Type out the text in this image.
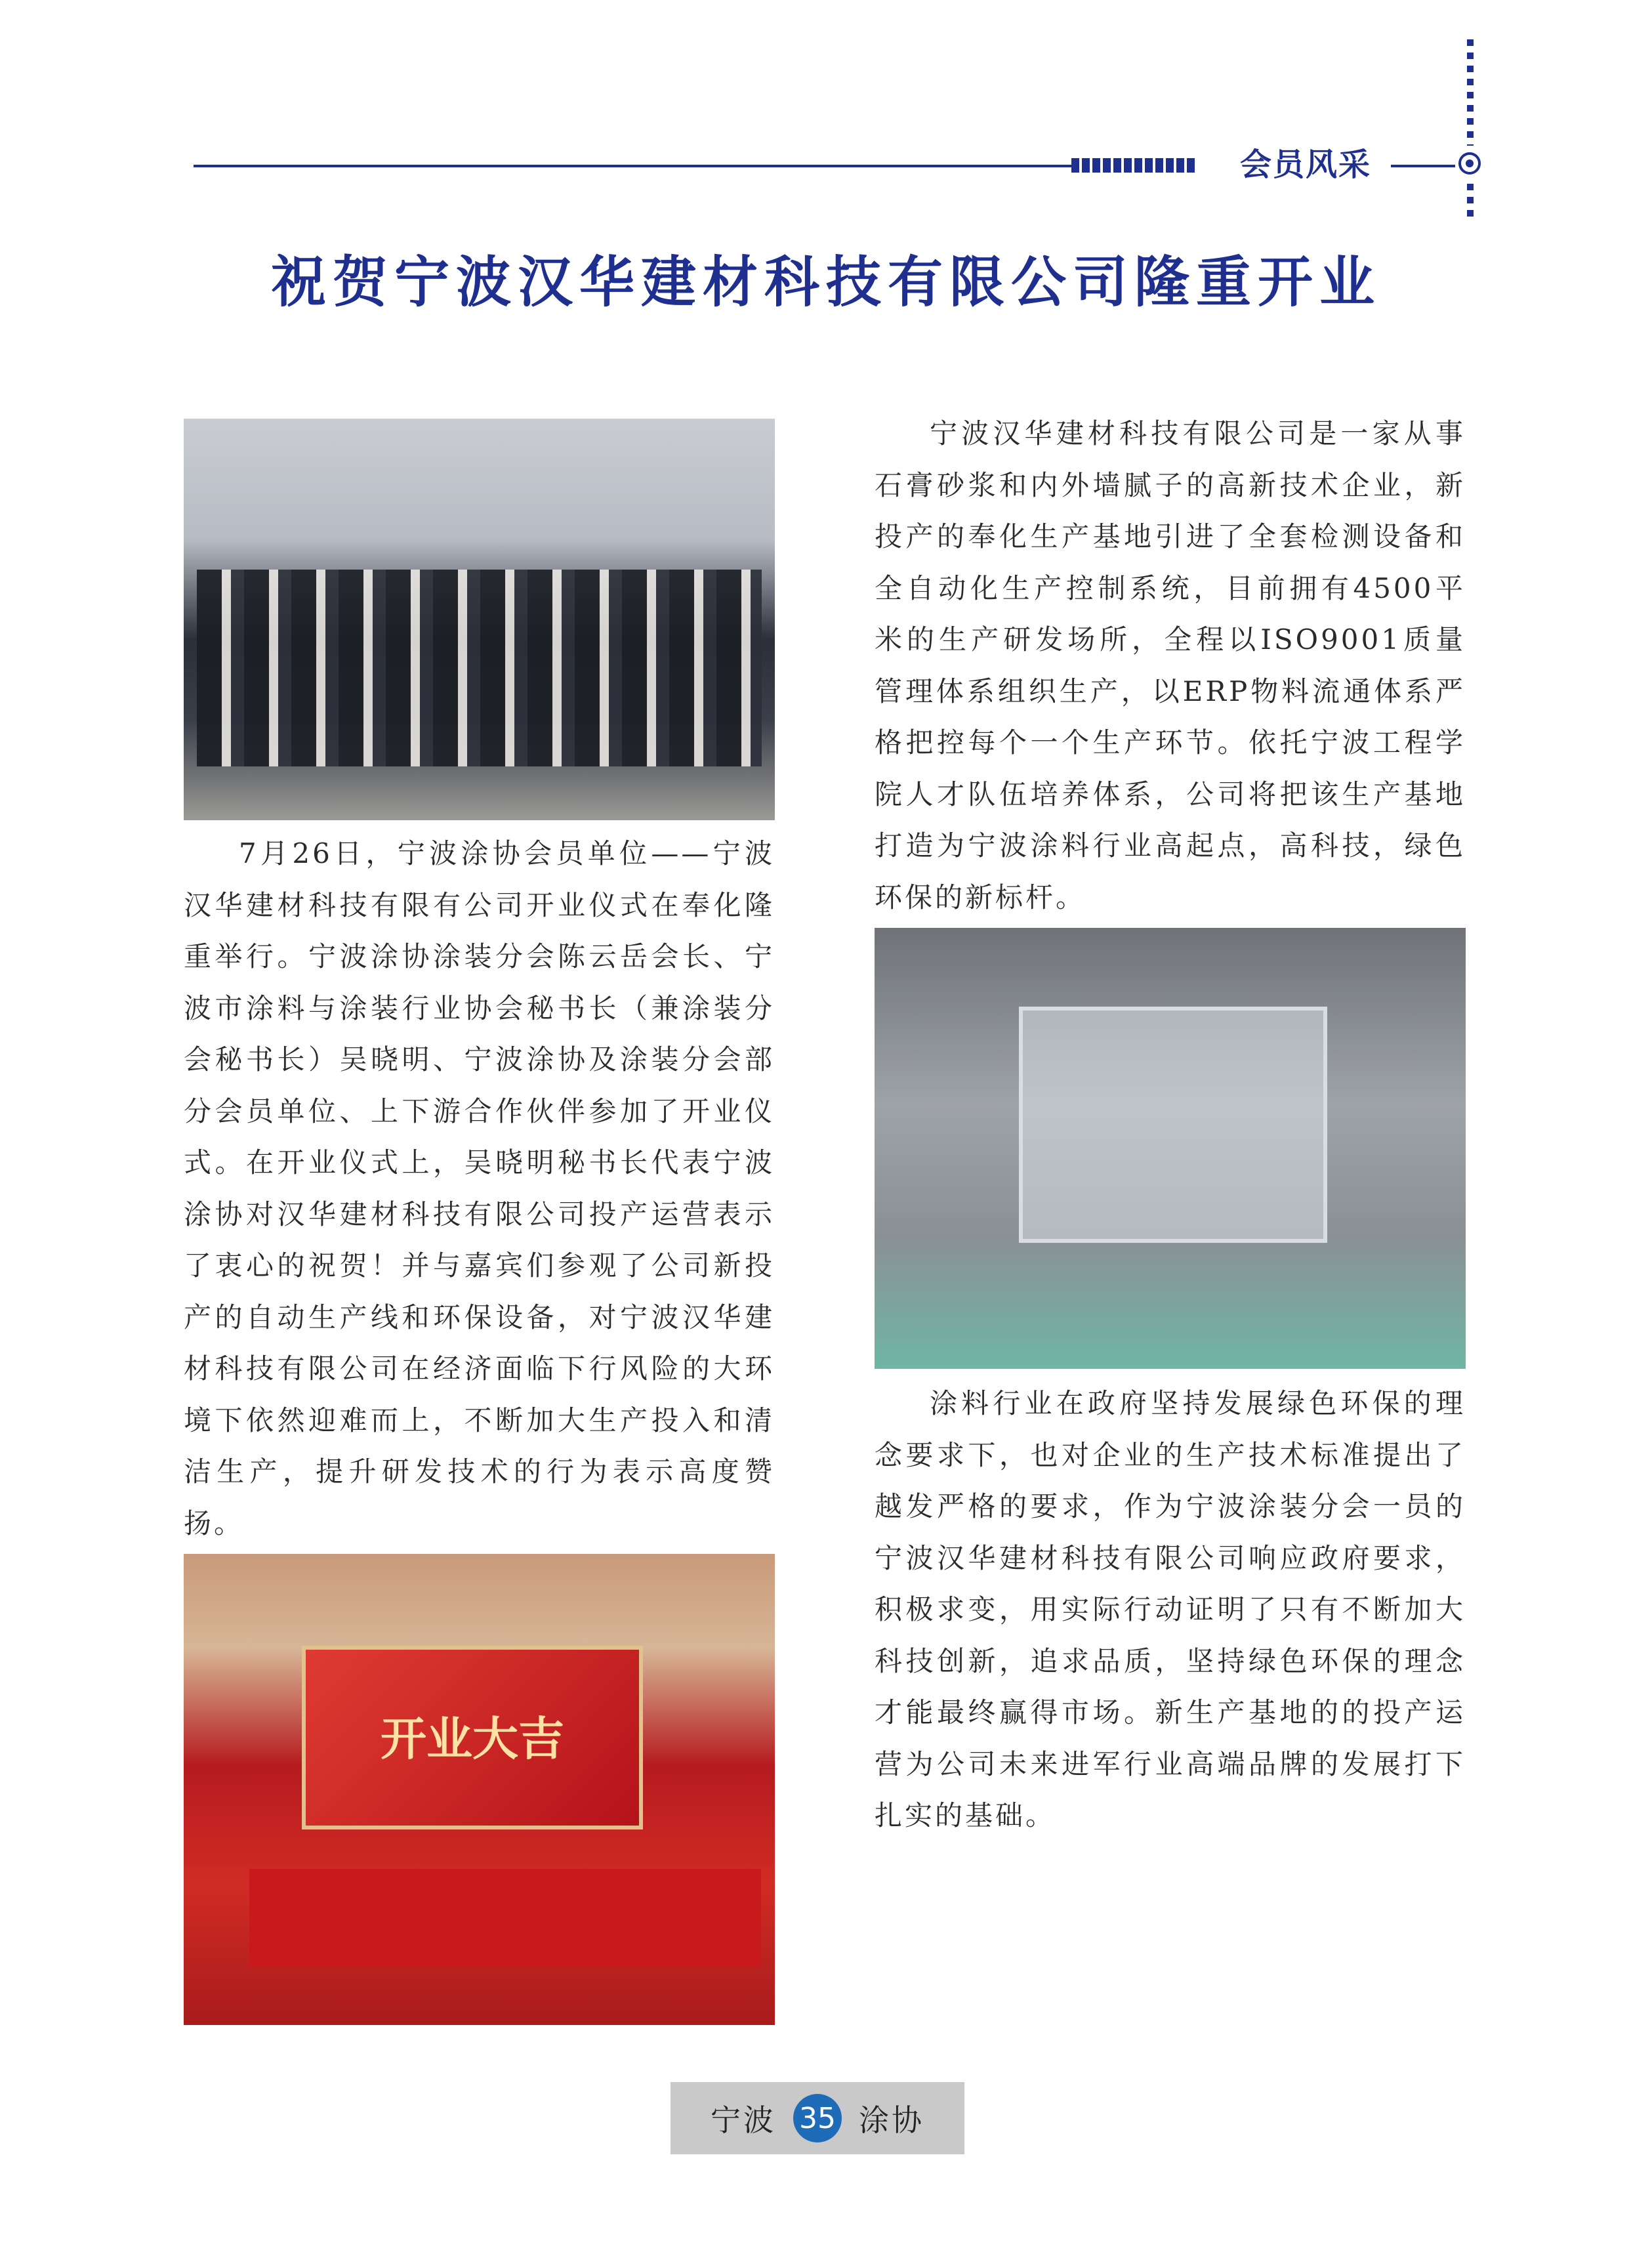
会员风采
祝贺宁波汉华建材科技有限公司隆重开业

宁波汉华建材科技有限公司是一家从事石膏砂浆和内外墙腻子的高新技术企业，新投产的奉化生产基地引进了全套检测设备和全自动化生产控制系统，目前拥有4500平米的生产研发场所，全程以ISO9001质量管理体系组织生产，以ERP物料流通体系严格把控每个一个生产环节。依托宁波工程学院人才队伍培养体系，公司将把该生产基地打造为宁波涂料行业高起点，高科技，绿色环保的新标杆。

7月26日，宁波涂协会员单位——宁波汉华建材科技有限有公司开业仪式在奉化隆重举行。宁波涂协涂装分会陈云岳会长、宁波市涂料与涂装行业协会秘书长（兼涂装分会秘书长）吴晓明、宁波涂协及涂装分会部分会员单位、上下游合作伙伴参加了开业仪式。在开业仪式上，吴晓明秘书长代表宁波涂协对汉华建材科技有限公司投产运营表示了衷心的祝贺！并与嘉宾们参观了公司新投产的自动生产线和环保设备，对宁波汉华建材科技有限公司在经济面临下行风险的大环境下依然迎难而上，不断加大生产投入和清洁生产，提升研发技术的行为表示高度赞扬。

涂料行业在政府坚持发展绿色环保的理念要求下，也对企业的生产技术标准提出了越发严格的要求，作为宁波涂装分会一员的宁波汉华建材科技有限公司响应政府要求，积极求变，用实际行动证明了只有不断加大科技创新，追求品质，坚持绿色环保的理念才能最终赢得市场。新生产基地的的投产运营为公司未来进军行业高端品牌的发展打下扎实的基础。

开业大吉
宁波 35 涂协
